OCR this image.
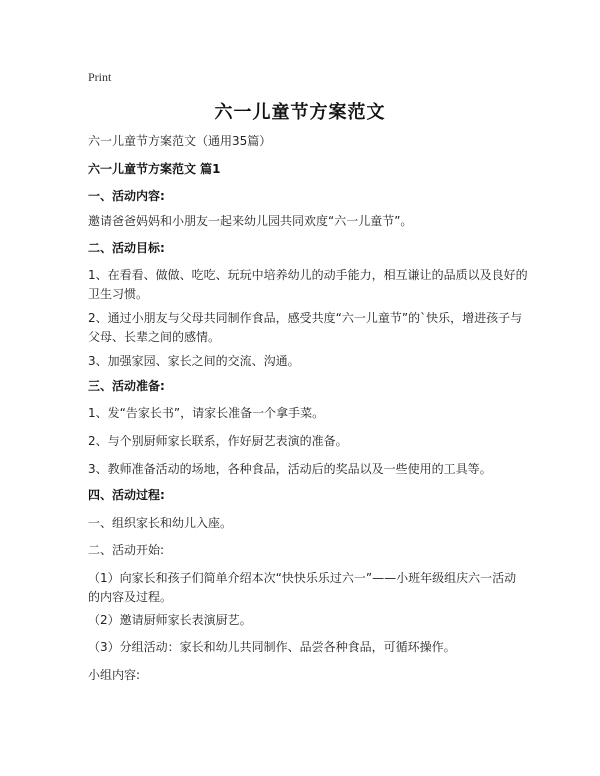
Print
六一儿童节方案范文
六一儿童节方案范文（通用35篇）
六一儿童节方案范文 篇1
一、活动内容:
邀请爸爸妈妈和小朋友一起来幼儿园共同欢度“六一儿童节”。
二、活动目标:
1、在看看、做做、吃吃、玩玩中培养幼儿的动手能力，相互谦让的品质以及良好的卫生习惯。
2、通过小朋友与父母共同制作食品，感受共度“六一儿童节”的`快乐，增进孩子与父母、长辈之间的感情。
3、加强家园、家长之间的交流、沟通。
三、活动准备:
1、发“告家长书”，请家长准备一个拿手菜。
2、与个别厨师家长联系，作好厨艺表演的准备。
3、教师准备活动的场地，各种食品，活动后的奖品以及一些使用的工具等。
四、活动过程:
一、组织家长和幼儿入座。
二、活动开始:
（1）向家长和孩子们简单介绍本次“快快乐乐过六一”——小班年级组庆六一活动的内容及过程。
（2）邀请厨师家长表演厨艺。
（3）分组活动：家长和幼儿共同制作、品尝各种食品，可循环操作。
小组内容:
